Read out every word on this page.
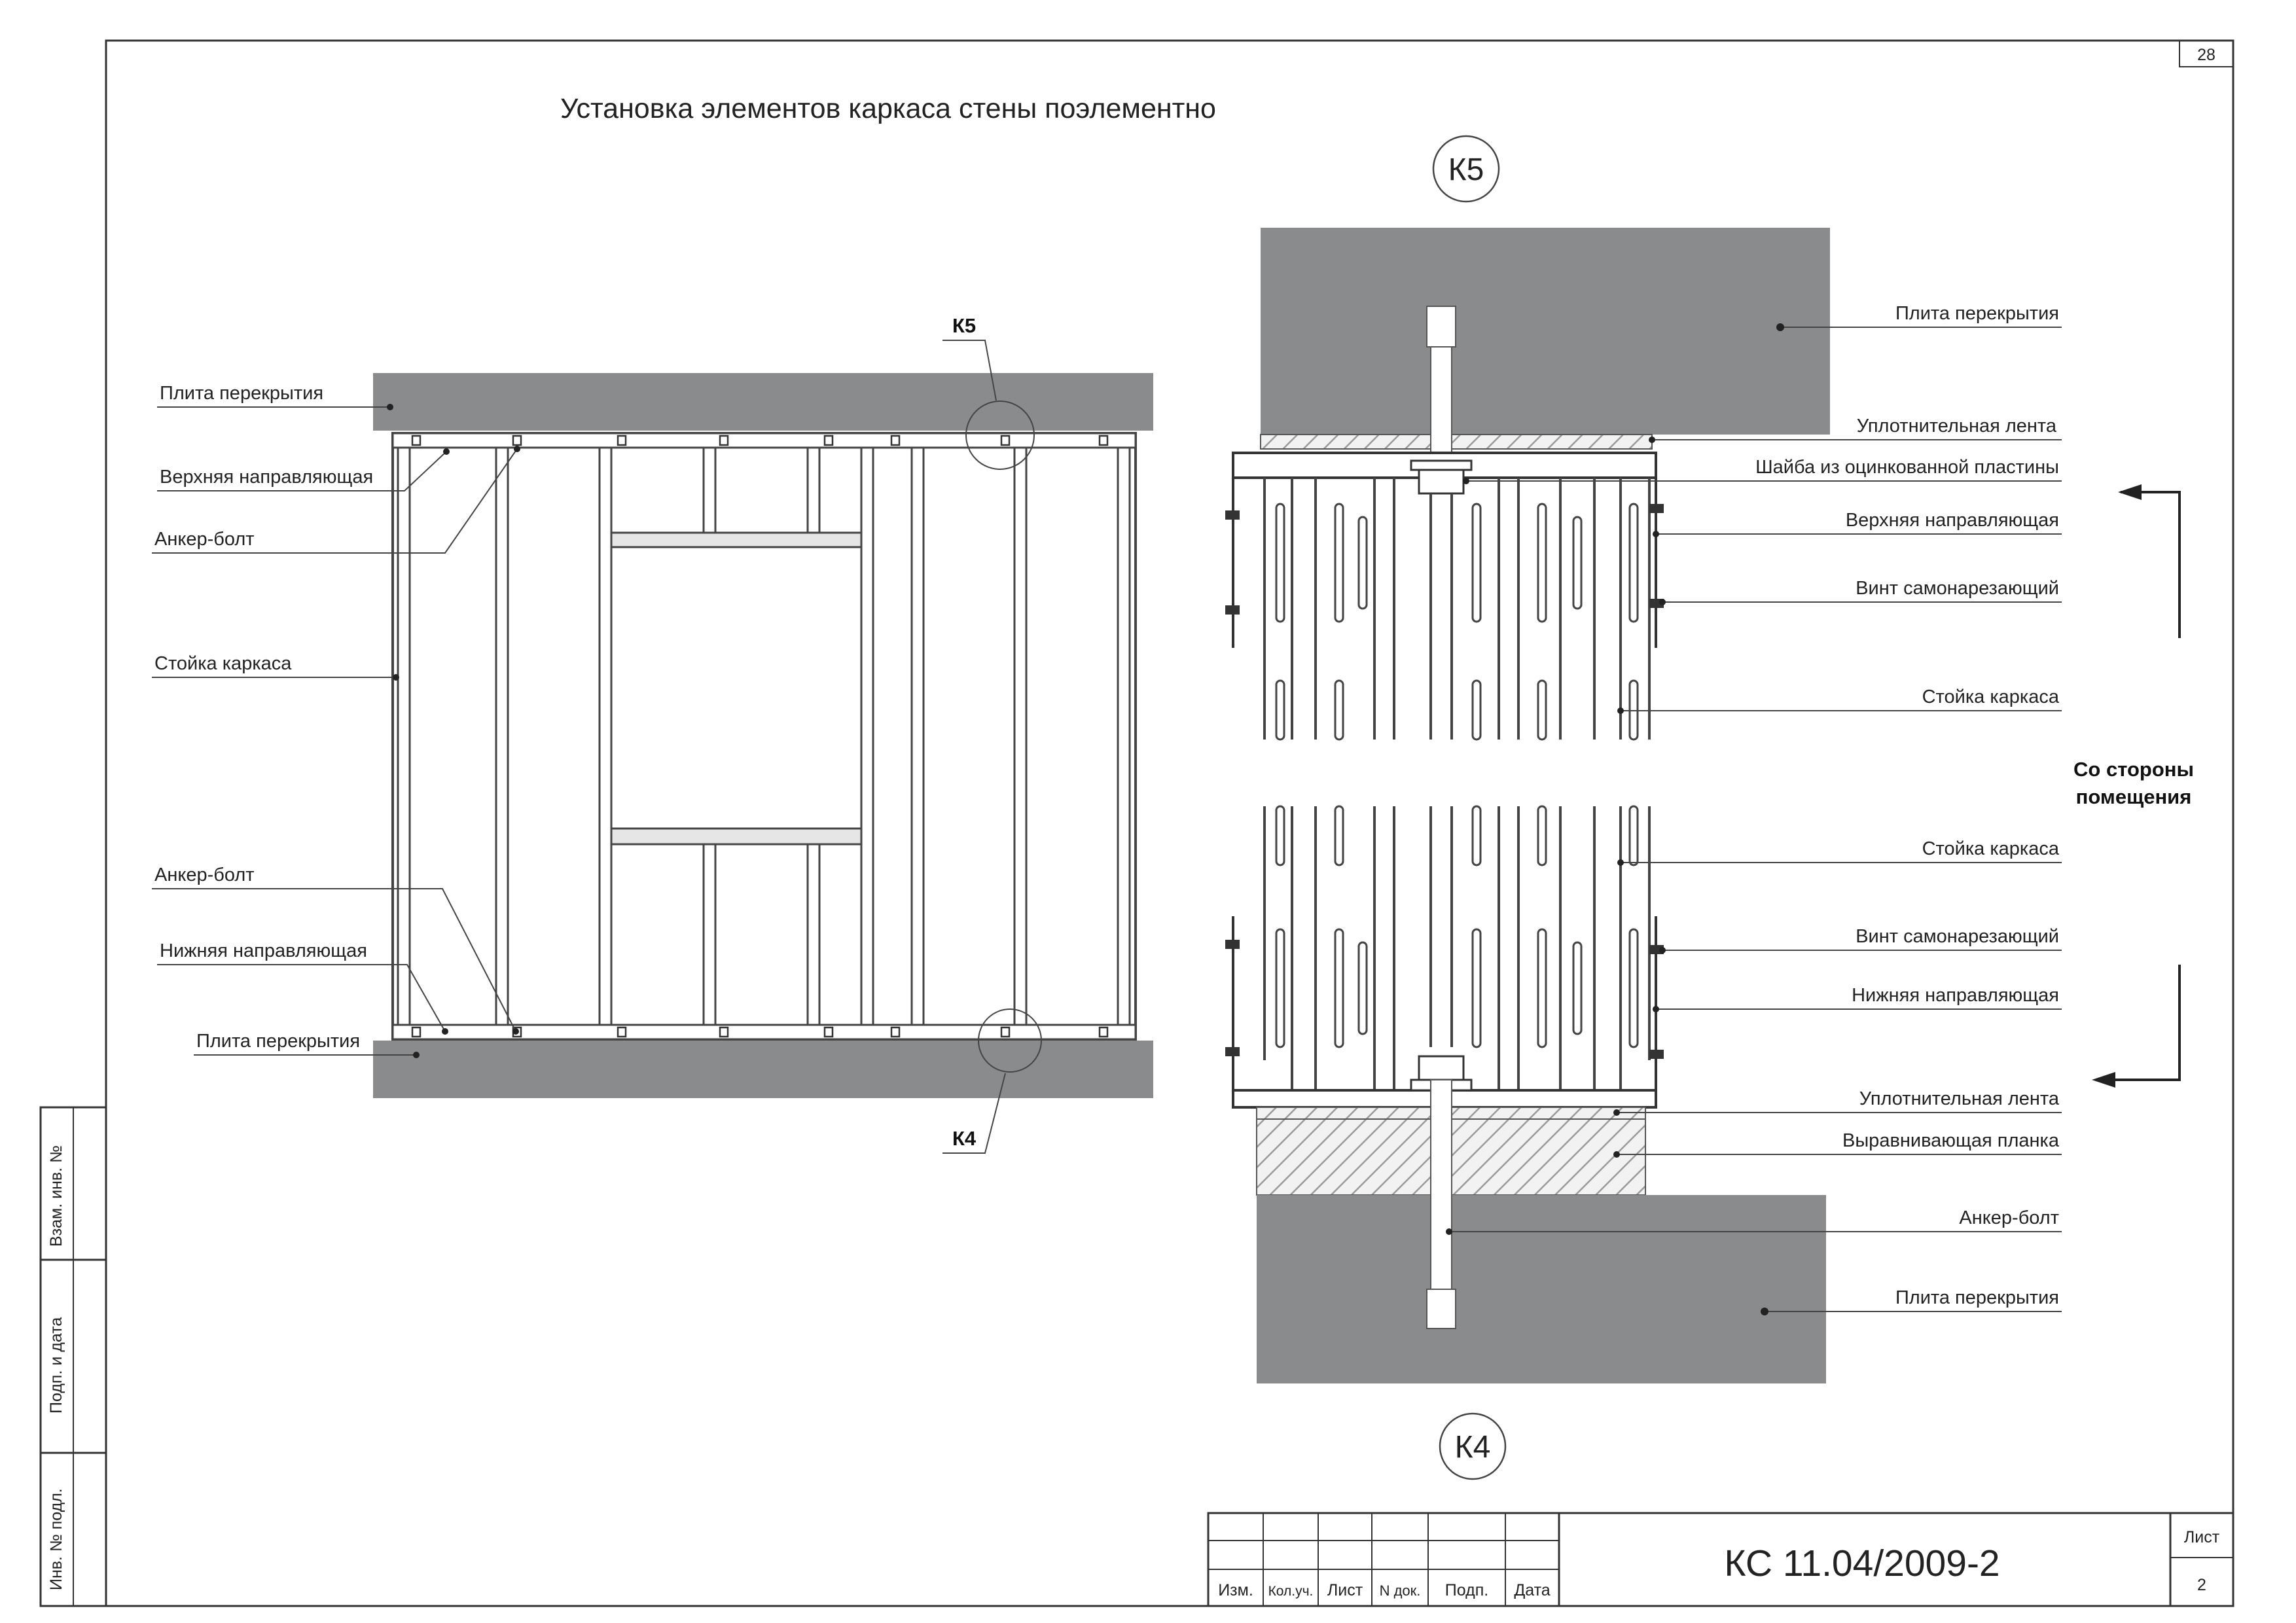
28
Взам. инв. №
Подп. и дата
Инв. № подл.	Изм. Кол.уч. Лист N док. Подп. Дата
КС 11.04/2009-2
Лист
2
Установка элементов каркаса стены поэлементно
К5
К4
Плита перекрытия
Верхняя направляющая
Анкер-болт
Стойка каркаса
Анкер-болт
Нижняя направляющая
Плита перекрытия
К5
Плита перекрытия
Уплотнительная лента
Шайба из оцинкованной пластины
Верхняя направляющая
Винт самонарезающий
Стойка каркаса
Со стороны
помещения
Стойка каркаса
Винт самонарезающий
Нижняя направляющая
Уплотнительная лента
Выравнивающая планка
Анкер-болт
Плита перекрытия
К4
